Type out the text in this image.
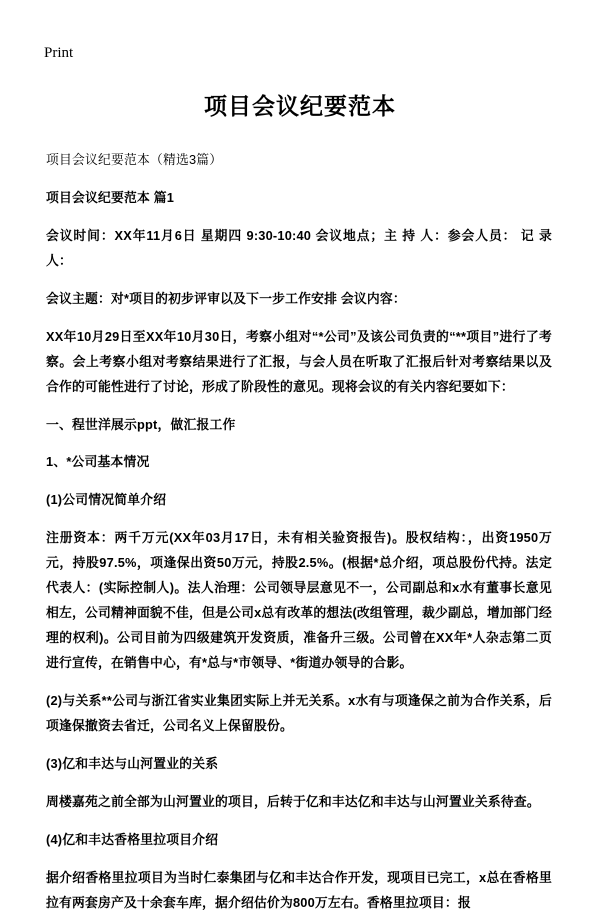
Print
项目会议纪要范本

项目会议纪要范本（精选3篇）

项目会议纪要范本 篇1

会议时间：XX年11月6日 星期四 9:30-10:40 会议地点；主 持 人：参会人员： 记 录 人：

会议主题：对*项目的初步评审以及下一步工作安排 会议内容：

XX年10月29日至XX年10月30日，考察小组对“*公司”及该公司负责的“**项目”进行了考察。会上考察小组对考察结果进行了汇报，与会人员在听取了汇报后针对考察结果以及合作的可能性进行了讨论，形成了阶段性的意见。现将会议的有关内容纪要如下：

一、程世洋展示ppt，做汇报工作

1、*公司基本情况

(1)公司情况简单介绍

注册资本：两千万元(XX年03月17日，未有相关验资报告)。股权结构：，出资1950万元，持股97.5%，项逢保出资50万元，持股2.5%。(根据*总介绍，项总股份代持。法定代表人：(实际控制人)。法人治理：公司领导层意见不一，公司副总和x水有董事长意见相左，公司精神面貌不佳，但是公司x总有改革的想法(改组管理，裁少副总，增加部门经理的权利)。公司目前为四级建筑开发资质，准备升三级。公司曾在XX年*人杂志第二页进行宣传，在销售中心，有*总与*市领导、*街道办领导的合影。

(2)与关系**公司与浙江省实业集团实际上并无关系。x水有与项逢保之前为合作关系，后项逢保撤资去省迁，公司名义上保留股份。

(3)亿和丰达与山河置业的关系

周楼嘉苑之前全部为山河置业的项目，后转于亿和丰达亿和丰达与山河置业关系待查。

(4)亿和丰达香格里拉项目介绍

据介绍香格里拉项目为当时仁泰集团与亿和丰达合作开发，现项目已完工，x总在香格里拉有两套房产及十余套车库，据介绍估价为800万左右。香格里拉项目：报
